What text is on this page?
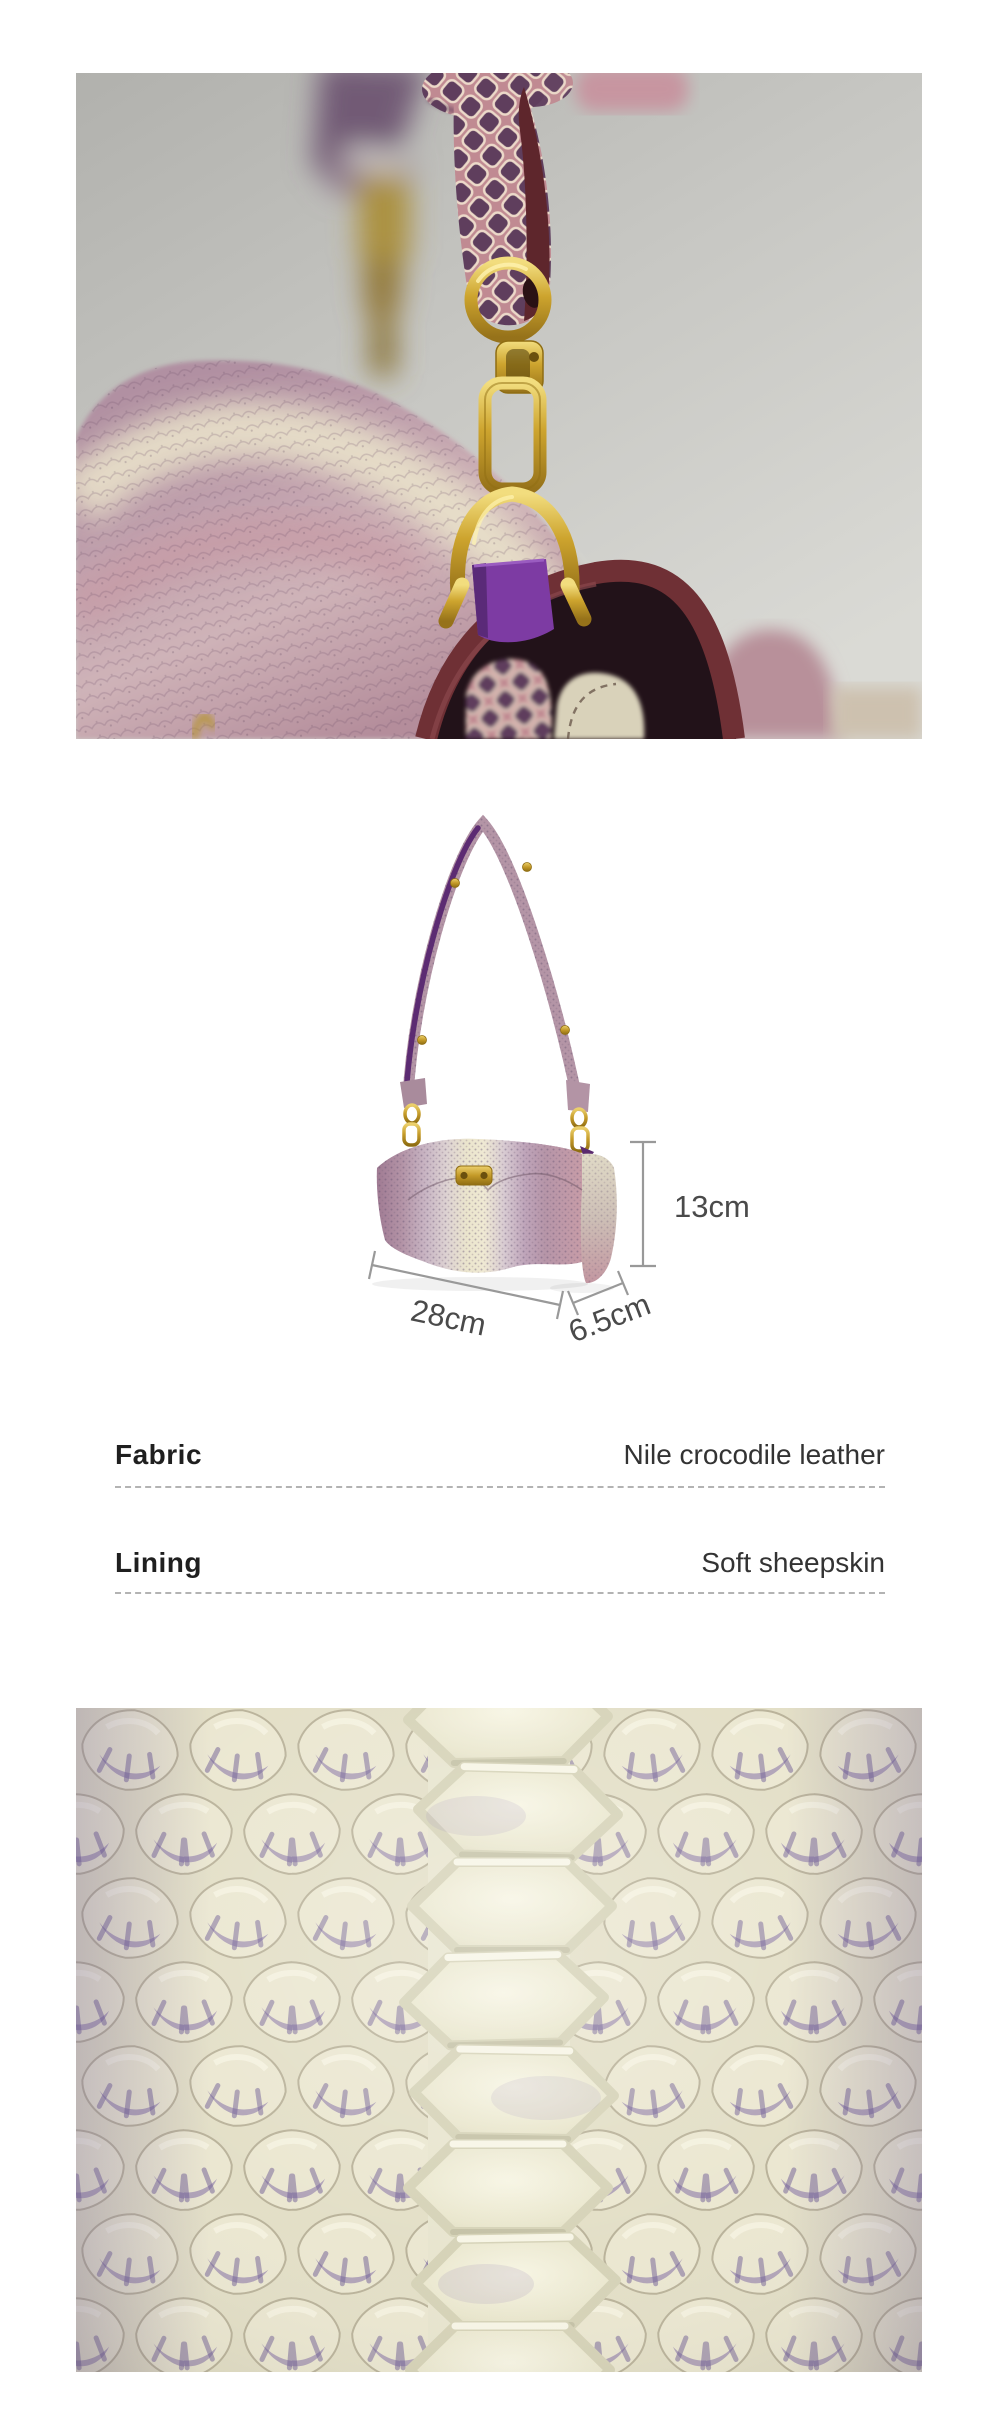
13cm
28cm 6.5cm
Fabric	Nile crocodile leather
Lining	Soft sheepskin
